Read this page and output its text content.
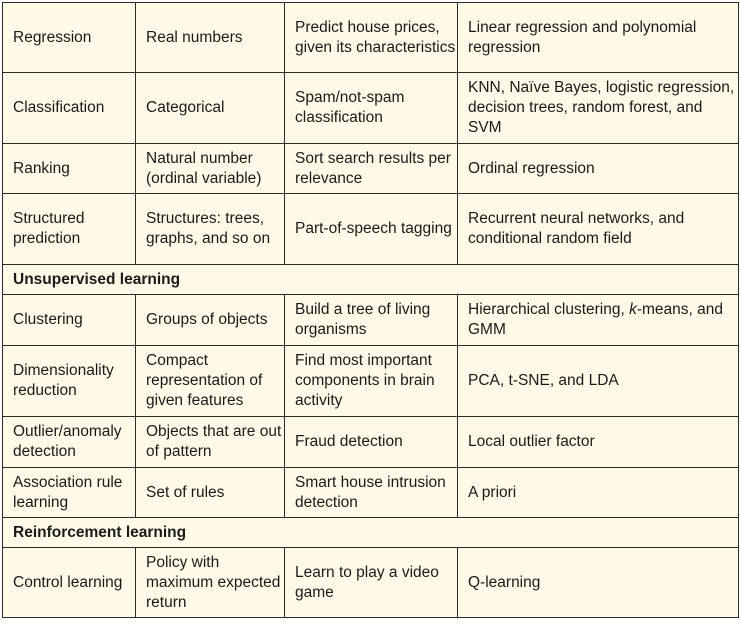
Regression	Real numbers	Predict house prices, given its characteristics	Linear regression and polynomial regression
Classification	Categorical	Spam/not-spam classification	KNN, Naïve Bayes, logistic regression, decision trees, random forest, and SVM
Ranking	Natural number (ordinal variable)	Sort search results per relevance	Ordinal regression
Structured prediction	Structures: trees, graphs, and so on	Part-of-speech tagging	Recurrent neural networks, and conditional random field
Unsupervised learning			
Clustering	Groups of objects	Build a tree of living organisms	Hierarchical clustering, k-means, and GMM
Dimensionality reduction	Compact representation of given features	Find most important components in brain activity	PCA, t-SNE, and LDA
Outlier/anomaly detection	Objects that are out of pattern	Fraud detection	Local outlier factor
Association rule learning	Set of rules	Smart house intrusion detection	A priori
Reinforcement learning			
Control learning	Policy with maximum expected return	Learn to play a video game	Q-learning
